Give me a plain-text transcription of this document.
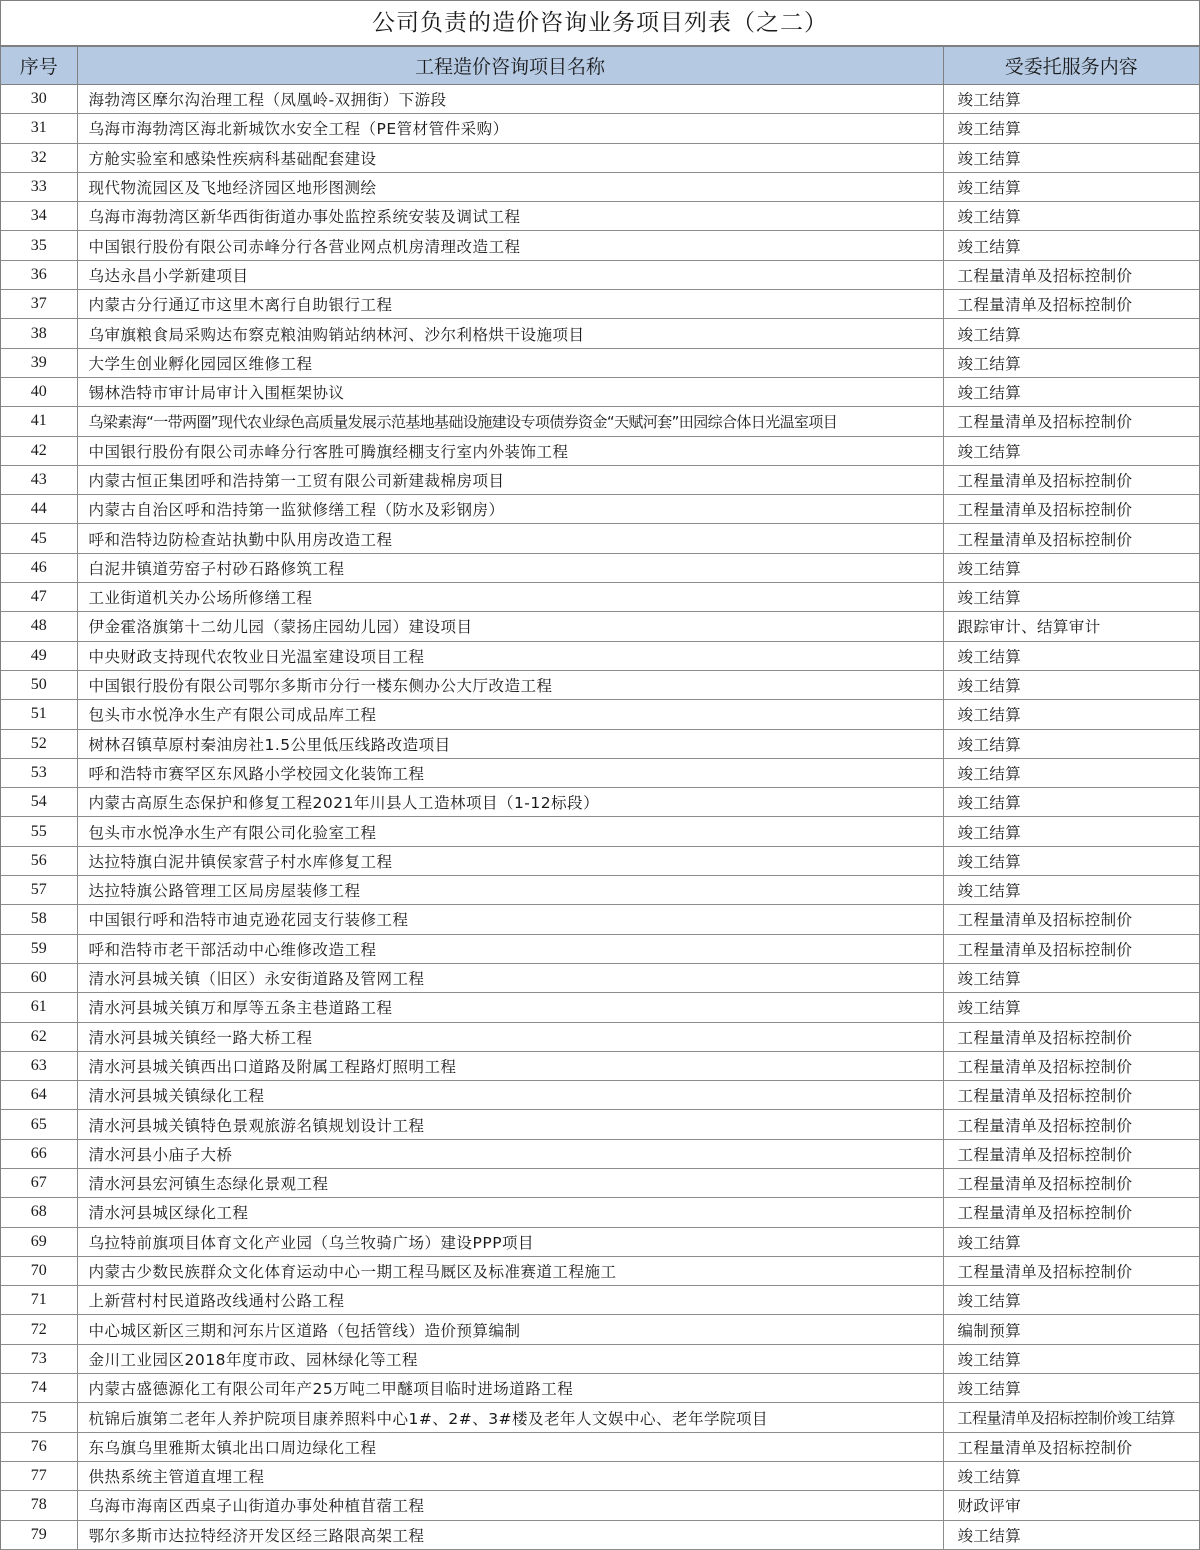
公司负责的造价咨询业务项目列表（之二）
序号	工程造价咨询项目名称	受委托服务内容
30	海勃湾区摩尔沟治理工程（凤凰岭-双拥街）下游段	竣工结算
31	乌海市海勃湾区海北新城饮水安全工程（PE管材管件采购）	竣工结算
32	方舱实验室和感染性疾病科基础配套建设	竣工结算
33	现代物流园区及飞地经济园区地形图测绘	竣工结算
34	乌海市海勃湾区新华西街街道办事处监控系统安装及调试工程	竣工结算
35	中国银行股份有限公司赤峰分行各营业网点机房清理改造工程	竣工结算
36	乌达永昌小学新建项目	工程量清单及招标控制价
37	内蒙古分行通辽市这里木离行自助银行工程	工程量清单及招标控制价
38	乌审旗粮食局采购达布察克粮油购销站纳林河、沙尔利格烘干设施项目	竣工结算
39	大学生创业孵化园园区维修工程	竣工结算
40	锡林浩特市审计局审计入围框架协议	竣工结算
41	乌梁素海“一带两圈”现代农业绿色高质量发展示范基地基础设施建设专项债券资金“天赋河套”田园综合体日光温室项目	工程量清单及招标控制价
42	中国银行股份有限公司赤峰分行客胜可腾旗经棚支行室内外装饰工程	竣工结算
43	内蒙古恒正集团呼和浩持第一工贸有限公司新建裁棉房项目	工程量清单及招标控制价
44	内蒙古自治区呼和浩持第一监狱修缮工程（防水及彩钢房）	工程量清单及招标控制价
45	呼和浩特边防检查站执勤中队用房改造工程	工程量清单及招标控制价
46	白泥井镇道劳窑子村砂石路修筑工程	竣工结算
47	工业街道机关办公场所修缮工程	竣工结算
48	伊金霍洛旗第十二幼儿园（蒙扬庄园幼儿园）建设项目	跟踪审计、结算审计
49	中央财政支持现代农牧业日光温室建设项目工程	竣工结算
50	中国银行股份有限公司鄂尔多斯市分行一楼东侧办公大厅改造工程	竣工结算
51	包头市水悦净水生产有限公司成品库工程	竣工结算
52	树林召镇草原村秦油房社1.5公里低压线路改造项目	竣工结算
53	呼和浩特市赛罕区东风路小学校园文化装饰工程	竣工结算
54	内蒙古高原生态保护和修复工程2021年川县人工造林项目（1-12标段）	竣工结算
55	包头市水悦净水生产有限公司化验室工程	竣工结算
56	达拉特旗白泥井镇侯家营子村水库修复工程	竣工结算
57	达拉特旗公路管理工区局房屋装修工程	竣工结算
58	中国银行呼和浩特市迪克逊花园支行装修工程	工程量清单及招标控制价
59	呼和浩特市老干部活动中心维修改造工程	工程量清单及招标控制价
60	清水河县城关镇（旧区）永安街道路及管网工程	竣工结算
61	清水河县城关镇万和厚等五条主巷道路工程	竣工结算
62	清水河县城关镇经一路大桥工程	工程量清单及招标控制价
63	清水河县城关镇西出口道路及附属工程路灯照明工程	工程量清单及招标控制价
64	清水河县城关镇绿化工程	工程量清单及招标控制价
65	清水河县城关镇特色景观旅游名镇规划设计工程	工程量清单及招标控制价
66	清水河县小庙子大桥	工程量清单及招标控制价
67	清水河县宏河镇生态绿化景观工程	工程量清单及招标控制价
68	清水河县城区绿化工程	工程量清单及招标控制价
69	乌拉特前旗项目体育文化产业园（乌兰牧骑广场）建设PPP项目	竣工结算
70	内蒙古少数民族群众文化体育运动中心一期工程马厩区及标准赛道工程施工	工程量清单及招标控制价
71	上新营村村民道路改线通村公路工程	竣工结算
72	中心城区新区三期和河东片区道路（包括管线）造价预算编制	编制预算
73	金川工业园区2018年度市政、园林绿化等工程	竣工结算
74	内蒙古盛德源化工有限公司年产25万吨二甲醚项目临时进场道路工程	竣工结算
75	杭锦后旗第二老年人养护院项目康养照料中心1#、2#、3#楼及老年人文娱中心、老年学院项目	工程量清单及招标控制价竣工结算
76	东乌旗乌里雅斯太镇北出口周边绿化工程	工程量清单及招标控制价
77	供热系统主管道直埋工程	竣工结算
78	乌海市海南区西桌子山街道办事处种植苜蓿工程	财政评审
79	鄂尔多斯市达拉特经济开发区经三路限高架工程	竣工结算
